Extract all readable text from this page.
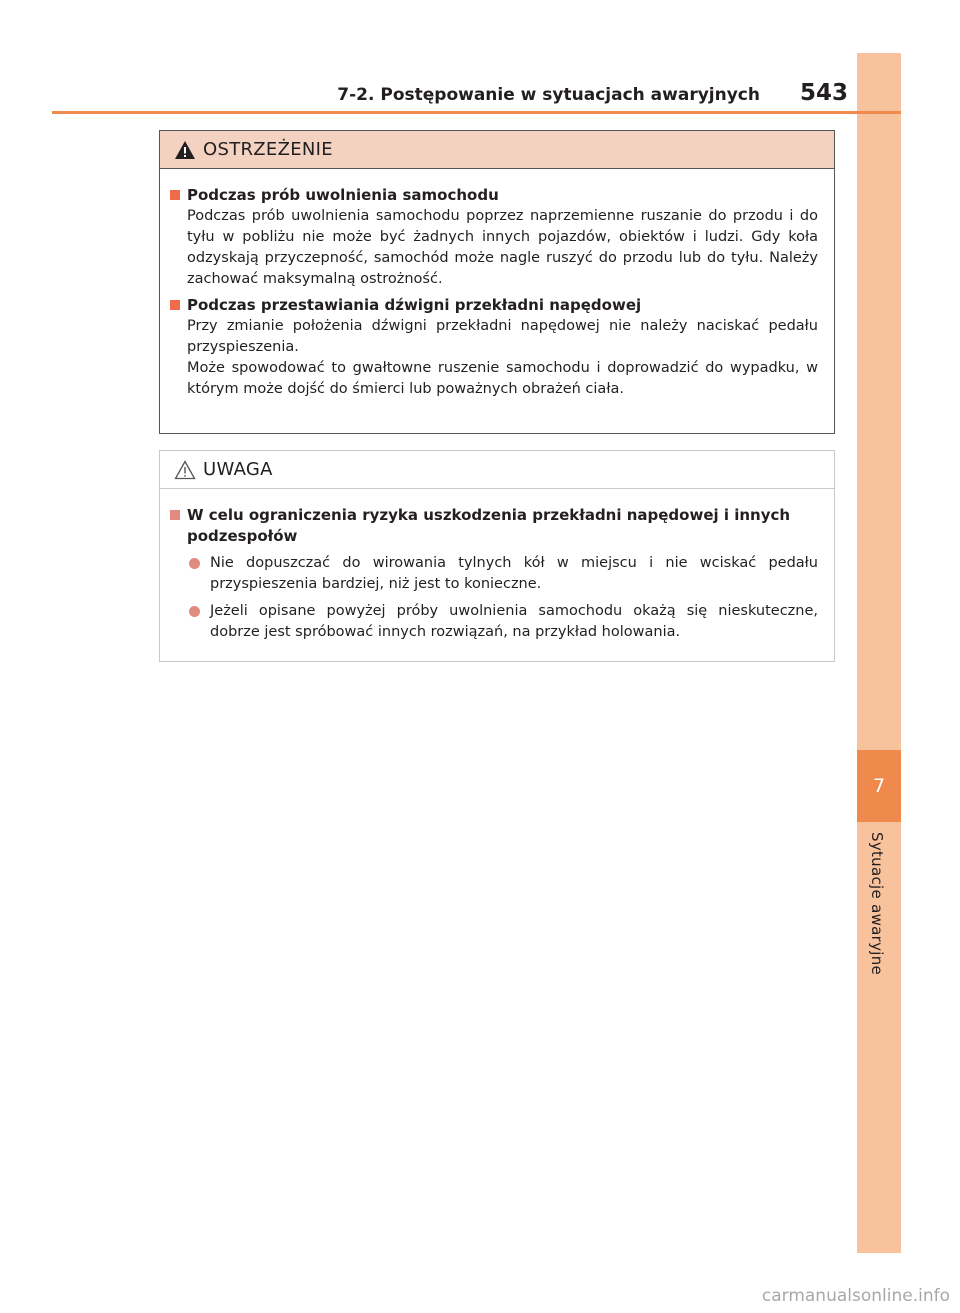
7
Sytuacje awaryjne
7-2. Postępowanie w sytuacjach awaryjnych 543
OSTRZEŻENIE
Podczas prób uwolnienia samochodu
Podczas prób uwolnienia samochodu poprzez naprzemienne ruszanie do przodu i do tyłu w pobliżu nie może być żadnych innych pojazdów, obiektów i ludzi. Gdy koła odzyskają przyczepność, samochód może nagle ruszyć do przodu lub do tyłu. Należy zachować maksymalną ostrożność.
Podczas przestawiania dźwigni przekładni napędowej
Przy zmianie położenia dźwigni przekładni napędowej nie należy naciskać pedału przyspieszenia.
Może spowodować to gwałtowne ruszenie samochodu i doprowadzić do wypadku, w którym może dojść do śmierci lub poważnych obrażeń ciała.
UWAGA
W celu ograniczenia ryzyka uszkodzenia przekładni napędowej i innych podzespołów
Nie dopuszczać do wirowania tylnych kół w miejscu i nie wciskać pedału przyspieszenia bardziej, niż jest to konieczne.
Jeżeli opisane powyżej próby uwolnienia samochodu okażą się nieskuteczne, dobrze jest spróbować innych rozwiązań, na przykład holowania.
carmanualsonline.info
